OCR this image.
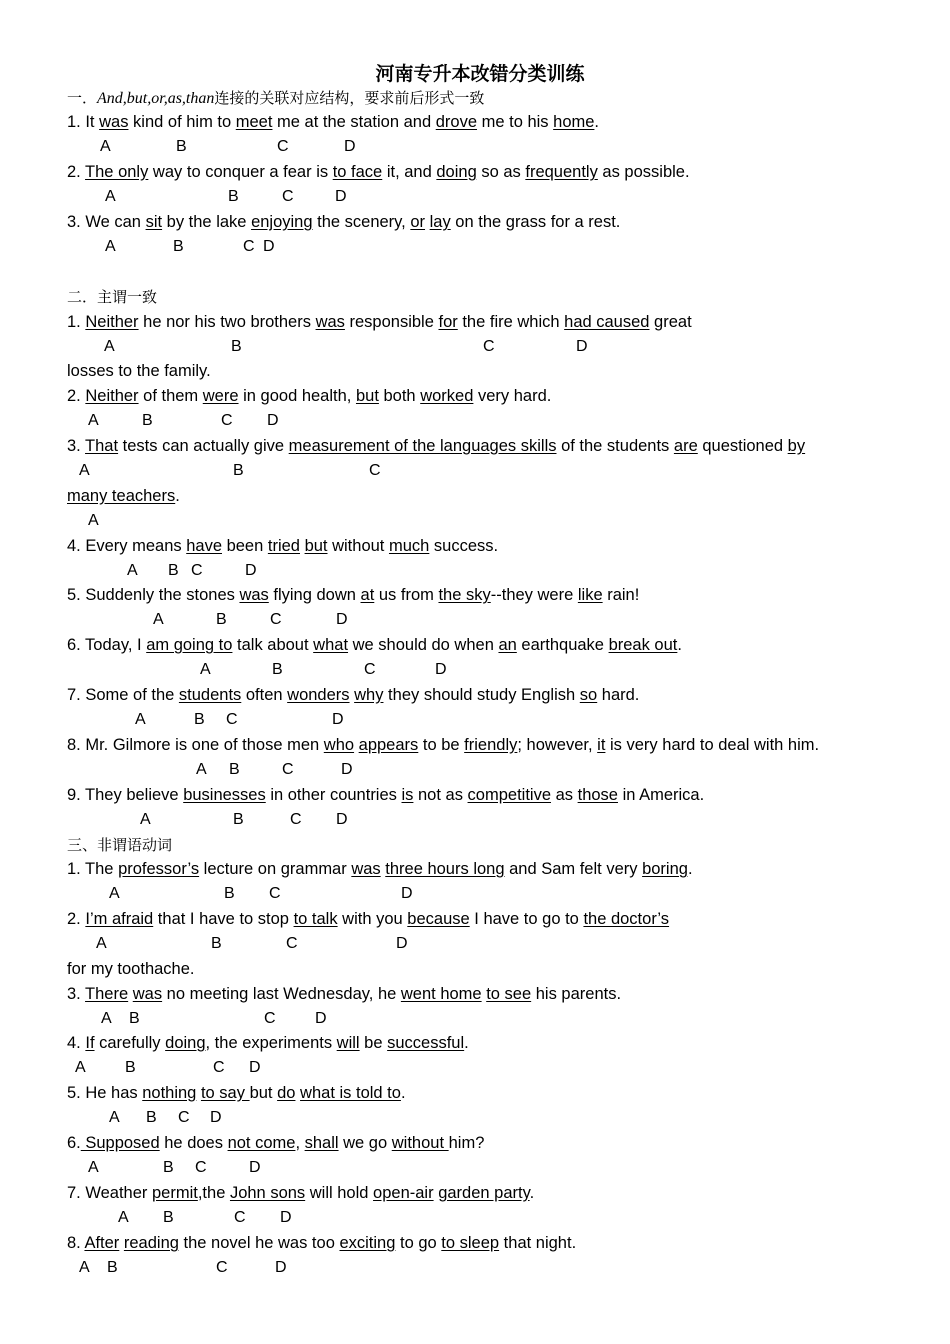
河南专升本改错分类训练
一．And,but,or,as,than连接的关联对应结构，要求前后形式一致
1. It was kind of him to meet me at the station and drove me to his home.
A	B	C	D
2. The only way to conquer a fear is to face it, and doing so as frequently as possible.
A	B	C	D
3. We can sit by the lake enjoying the scenery, or lay on the grass for a rest.
A	B	C D
二．主谓一致
1. Neither he nor his two brothers was responsible for the fire which had caused great
A	B	C	D
losses to the family.
2. Neither of them were in good health, but both worked very hard.
A	B	C D
3. That tests can actually give measurement of the languages skills of the students are questioned by
A	B	C
many teachers.
A
4. Every means have been tried but without much success.
A B C	D
5. Suddenly the stones was flying down at us from the sky--they were like rain!
A	B	C	D
6. Today, I am going to talk about what we should do when an earthquake break out.
A	B	C	D
7. Some of the students often wonders why they should study English so hard.
A	B C	D
8. Mr. Gilmore is one of those men who appears to be friendly; however, it is very hard to deal with him.
A B	C	D
9. They believe businesses in other countries is not as competitive as those in America.
A	B	C D
三、非谓语动词
1. The professor’s lecture on grammar was three hours long and Sam felt very boring.
A	B C	D
2. I’m afraid that I have to stop to talk with you because I have to go to the doctor’s
A	B	C	D
for my toothache.
3. There was no meeting last Wednesday, he went home to see his parents.
A B	C D
4. If carefully doing, the experiments will be successful.
A B	C D
5. He has nothing to say but do what is told to.
A B C D
6. Supposed he does not come, shall we go without him?
A	B C	D
7. Weather permit,the John sons will hold open-air garden party.
A B	C D
8. After reading the novel he was too exciting to go to sleep that night.
A B	C	D
